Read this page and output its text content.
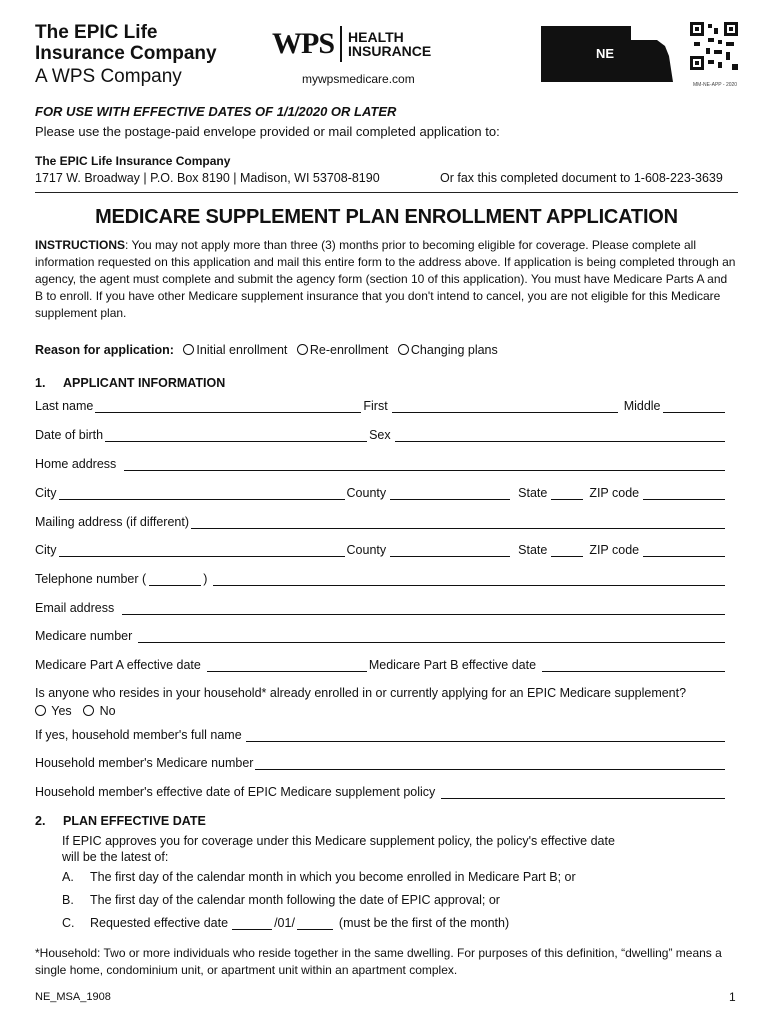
The EPIC Life
Insurance Company
A WPS Company
WPS HEALTH
INSURANCE
mywpsmedicare.com
NE
MM-NE-APP - 2020
FOR USE WITH EFFECTIVE DATES OF 1/1/2020 OR LATER
Please use the postage-paid envelope provided or mail completed application to:
The EPIC Life Insurance Company
1717 W. Broadway | P.O. Box 8190 | Madison, WI 53708-8190	Or fax this completed document to 1-608-223-3639
MEDICARE SUPPLEMENT PLAN ENROLLMENT APPLICATION
INSTRUCTIONS: You may not apply more than three (3) months prior to becoming eligible for coverage. Please complete all information requested on this application and mail this entire form to the address above. If application is being completed through an agency, the agent must complete and submit the agency form (section 10 of this application). You must have Medicare Parts A and B to enroll. If you have other Medicare supplement insurance that you don't intend to cancel, you are not eligible for this Medicare supplement plan.
Reason for application: Initial enrollment Re-enrollment Changing plans
1. APPLICANT INFORMATION
Last name	First	Middle
Date of birth	Sex
Home address
City	County	State	ZIP code
Mailing address (if different)
City	County	State	ZIP code
Telephone number (	)
Email address
Medicare number
Medicare Part A effective date	Medicare Part B effective date
Is anyone who resides in your household* already enrolled in or currently applying for an EPIC Medicare supplement?
Yes No
If yes, household member's full name
Household member's Medicare number
Household member's effective date of EPIC Medicare supplement policy
2. PLAN EFFECTIVE DATE
If EPIC approves you for coverage under this Medicare supplement policy, the policy's effective date
will be the latest of:
A. The first day of the calendar month in which you become enrolled in Medicare Part B; or
B. The first day of the calendar month following the date of EPIC approval; or
C.	Requested effective date	/01/	(must be the first of the month)
*Household: Two or more individuals who reside together in the same dwelling. For purposes of this definition, “dwelling” means a single home, condominium unit, or apartment unit within an apartment complex.
NE_MSA_1908	1
